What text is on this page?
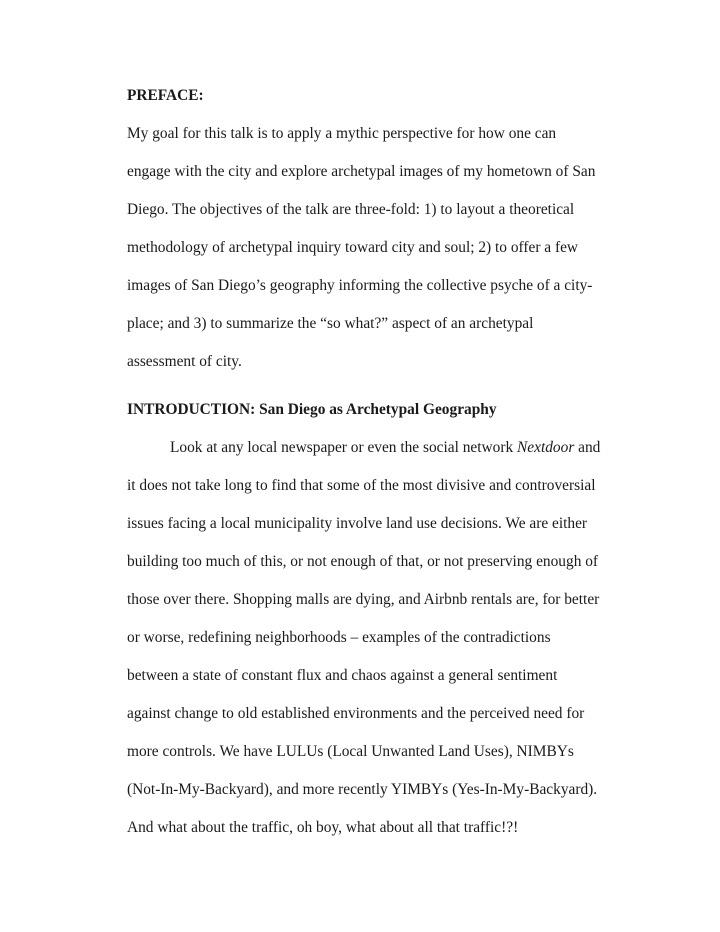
PREFACE:
My goal for this talk is to apply a mythic perspective for how one can
engage with the city and explore archetypal images of my hometown of San
Diego. The objectives of the talk are three-fold: 1) to layout a theoretical
methodology of archetypal inquiry toward city and soul; 2) to offer a few
images of San Diego’s geography informing the collective psyche of a city-
place; and 3) to summarize the “so what?” aspect of an archetypal
assessment of city.
INTRODUCTION: San Diego as Archetypal Geography
Look at any local newspaper or even the social network Nextdoor and
it does not take long to find that some of the most divisive and controversial
issues facing a local municipality involve land use decisions. We are either
building too much of this, or not enough of that, or not preserving enough of
those over there. Shopping malls are dying, and Airbnb rentals are, for better
or worse, redefining neighborhoods – examples of the contradictions
between a state of constant flux and chaos against a general sentiment
against change to old established environments and the perceived need for
more controls. We have LULUs (Local Unwanted Land Uses), NIMBYs
(Not-In-My-Backyard), and more recently YIMBYs (Yes-In-My-Backyard).
And what about the traffic, oh boy, what about all that traffic!?!
